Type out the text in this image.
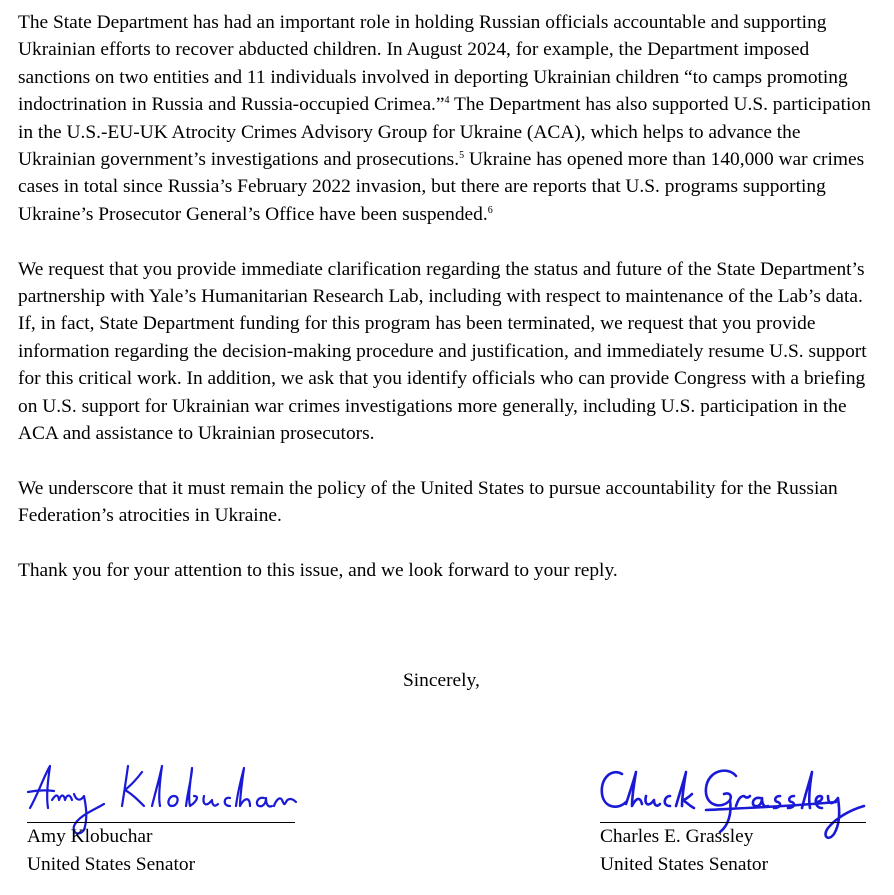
The State Department has had an important role in holding Russian officials accountable and supporting Ukrainian efforts to recover abducted children. In August 2024, for example, the Department imposed sanctions on two entities and 11 individuals involved in deporting Ukrainian children “to camps promoting indoctrination in Russia and Russia-occupied Crimea.”$^4$ The Department has also supported U.S. participation in the U.S.-EU-UK Atrocity Crimes Advisory Group for Ukraine (ACA), which helps to advance the Ukrainian government’s investigations and prosecutions.$^5$ Ukraine has opened more than 140,000 war crimes cases in total since Russia’s February 2022 invasion, but there are reports that U.S. programs supporting Ukraine’s Prosecutor General’s Office have been suspended.$^6$

We request that you provide immediate clarification regarding the status and future of the State Department’s partnership with Yale’s Humanitarian Research Lab, including with respect to maintenance of the Lab’s data. If, in fact, State Department funding for this program has been terminated, we request that you provide information regarding the decision-making procedure and justification, and immediately resume U.S. support for this critical work. In addition, we ask that you identify officials who can provide Congress with a briefing on U.S. support for Ukrainian war crimes investigations more generally, including U.S. participation in the ACA and assistance to Ukrainian prosecutors.

We underscore that it must remain the policy of the United States to pursue accountability for the Russian Federation’s atrocities in Ukraine.

Thank you for your attention to this issue, and we look forward to your reply.

Sincerely,
Amy Klobuchar
United States Senator
Charles E. Grassley
United States Senator
